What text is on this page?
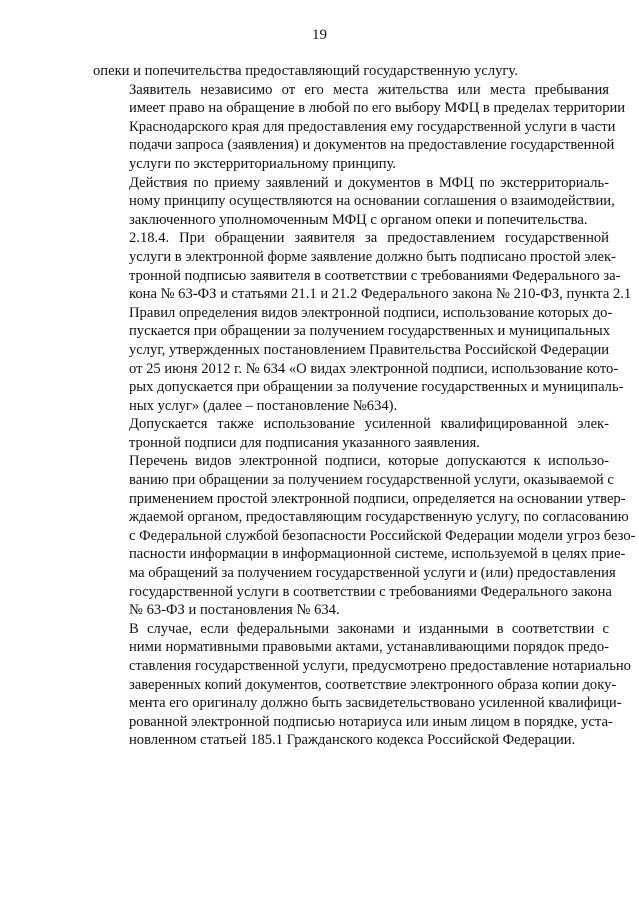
19
опеки и попечительства предоставляющий государственную услугу.
Заявитель независимо от его места жительства или места пребывания
имеет право на обращение в любой по его выбору МФЦ в пределах территории
Краснодарского края для предоставления ему государственной услуги в части
подачи запроса (заявления) и документов на предоставление государственной
услуги по экстерриториальному принципу.
Действия по приему заявлений и документов в МФЦ по экстерриториаль-
ному принципу осуществляются на основании соглашения о взаимодействии,
заключенного уполномоченным МФЦ с органом опеки и попечительства.
2.18.4. При обращении заявителя за предоставлением государственной
услуги в электронной форме заявление должно быть подписано простой элек-
тронной подписью заявителя в соответствии с требованиями Федерального за-
кона № 63-ФЗ и статьями 21.1 и 21.2 Федерального закона № 210-ФЗ, пункта 2.1
Правил определения видов электронной подписи, использование которых до-
пускается при обращении за получением государственных и муниципальных
услуг, утвержденных постановлением Правительства Российской Федерации
от 25 июня 2012 г. № 634 «О видах электронной подписи, использование кото-
рых допускается при обращении за получение государственных и муниципаль-
ных услуг» (далее – постановление №634).
Допускается также использование усиленной квалифицированной элек-
тронной подписи для подписания указанного заявления.
Перечень видов электронной подписи, которые допускаются к использо-
ванию при обращении за получением государственной услуги, оказываемой с
применением простой электронной подписи, определяется на основании утвер-
ждаемой органом, предоставляющим государственную услугу, по согласованию
с Федеральной службой безопасности Российской Федерации модели угроз безо-
пасности информации в информационной системе, используемой в целях прие-
ма обращений за получением государственной услуги и (или) предоставления
государственной услуги в соответствии с требованиями Федерального закона
№ 63-ФЗ и постановления № 634.
В случае, если федеральными законами и изданными в соответствии с
ними нормативными правовыми актами, устанавливающими порядок предо-
ставления государственной услуги, предусмотрено предоставление нотариально
заверенных копий документов, соответствие электронного образа копии доку-
мента его оригиналу должно быть засвидетельствовано усиленной квалифици-
рованной электронной подписью нотариуса или иным лицом в порядке, уста-
новленном статьей 185.1 Гражданского кодекса Российской Федерации.
